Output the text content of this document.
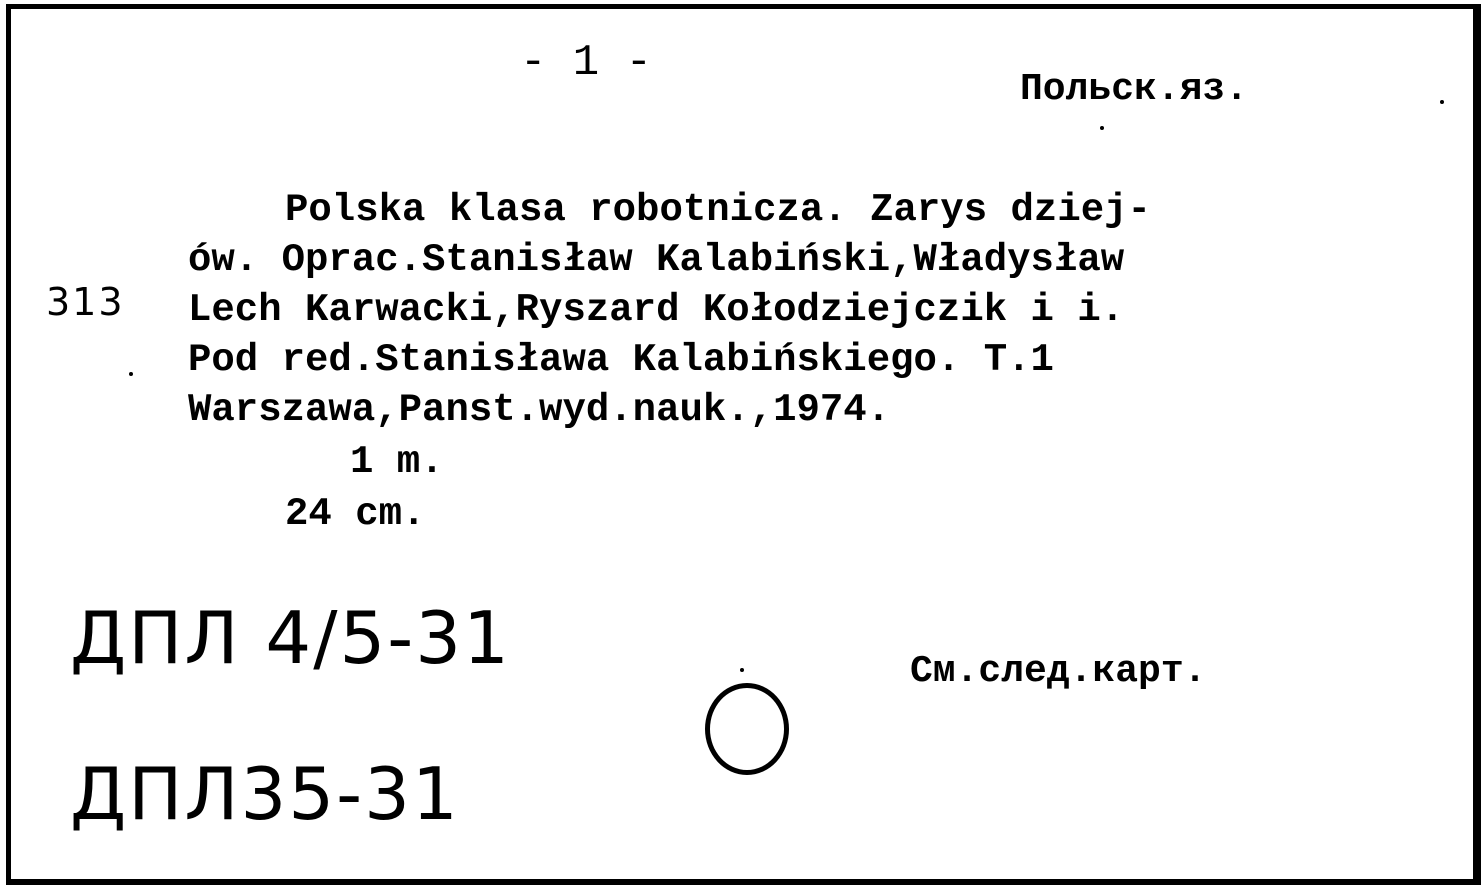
- 1 -
Польск.яз.
Polska klasa robotnicza. Zarys dziej-
ów. Oprac.Stanisław Kalabiński,Władysław
Lech Karwacki,Ryszard Kołodziejczik i i.
Pod red.Stanisława Kalabińskiego. T.1
Warszawa,Panst.wyd.nauk.,1974.
1 m.
24 cm.
313
ДПЛ 4/5-31
ДПЛ35-31
См.след.карт.
